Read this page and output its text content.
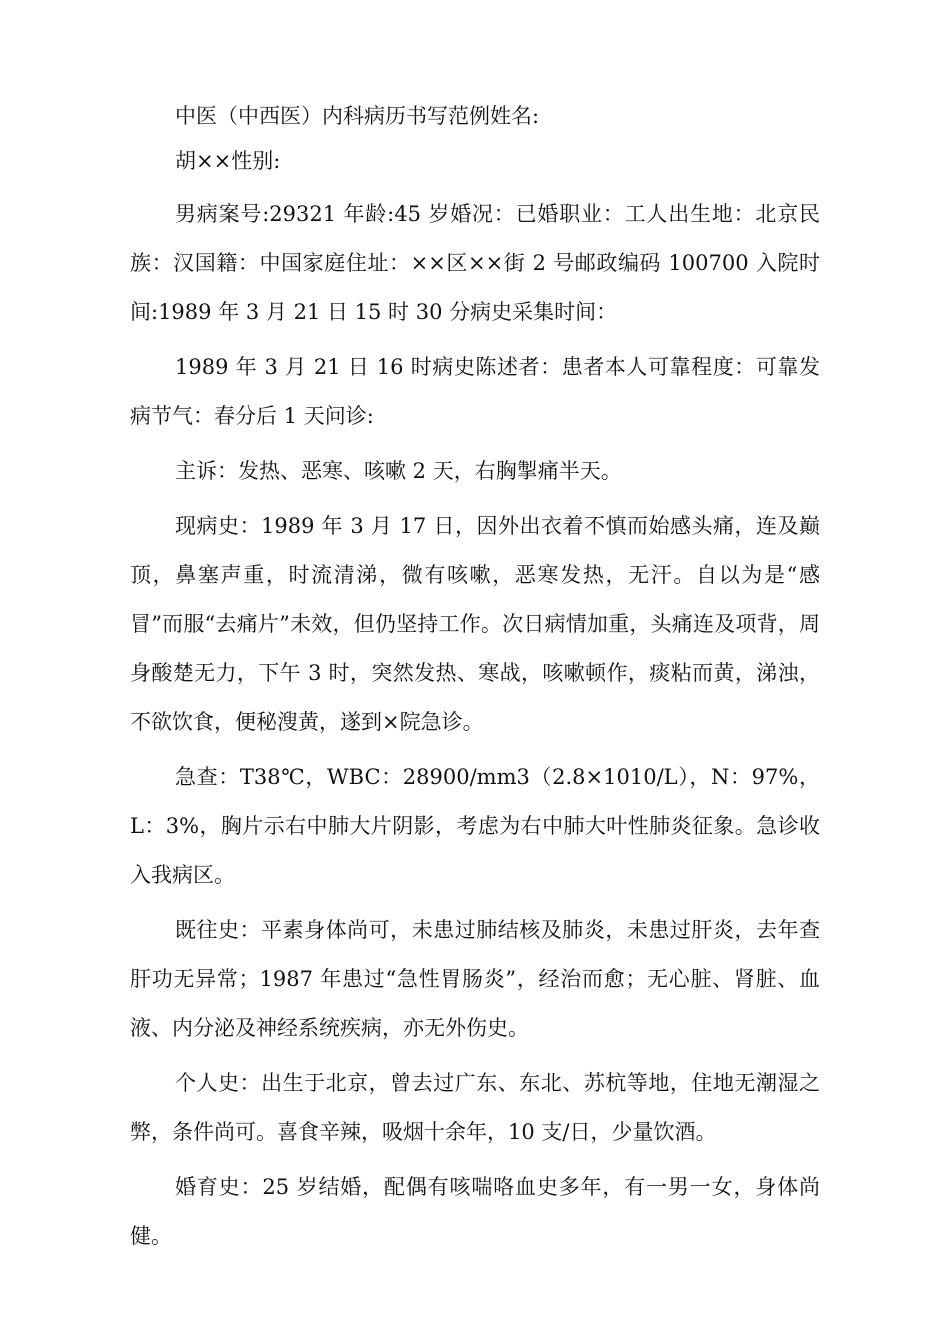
中医（中西医）内科病历书写范例姓名:

胡××性别:

男病案号:29321 年龄:45 岁婚况：已婚职业：工人出生地：北京民族：汉国籍：中国家庭住址：××区××街 2 号邮政编码 100700 入院时间:1989 年 3 月 21 日 15 时 30 分病史采集时间：

1989 年 3 月 21 日 16 时病史陈述者：患者本人可靠程度：可靠发病节气：春分后 1 天问诊:

主诉：发热、恶寒、咳嗽 2 天，右胸掣痛半天。

现病史：1989 年 3 月 17 日，因外出衣着不慎而始感头痛，连及巅顶，鼻塞声重，时流清涕，微有咳嗽，恶寒发热，无汗。自以为是“感冒”而服“去痛片”未效，但仍坚持工作。次日病情加重，头痛连及项背，周身酸楚无力，下午 3 时，突然发热、寒战，咳嗽顿作，痰粘而黄，涕浊，不欲饮食，便秘溲黄，遂到×院急诊。

急查：T38℃，WBC：28900/mm3（2.8×1010/L），N：97%，L：3%，胸片示右中肺大片阴影，考虑为右中肺大叶性肺炎征象。急诊收入我病区。

既往史：平素身体尚可，未患过肺结核及肺炎，未患过肝炎，去年查肝功无异常；1987 年患过“急性胃肠炎”，经治而愈；无心脏、肾脏、血液、内分泌及神经系统疾病，亦无外伤史。

个人史：出生于北京，曾去过广东、东北、苏杭等地，住地无潮湿之弊，条件尚可。喜食辛辣，吸烟十余年，10 支/日，少量饮酒。

婚育史：25 岁结婚，配偶有咳喘咯血史多年，有一男一女，身体尚健。
